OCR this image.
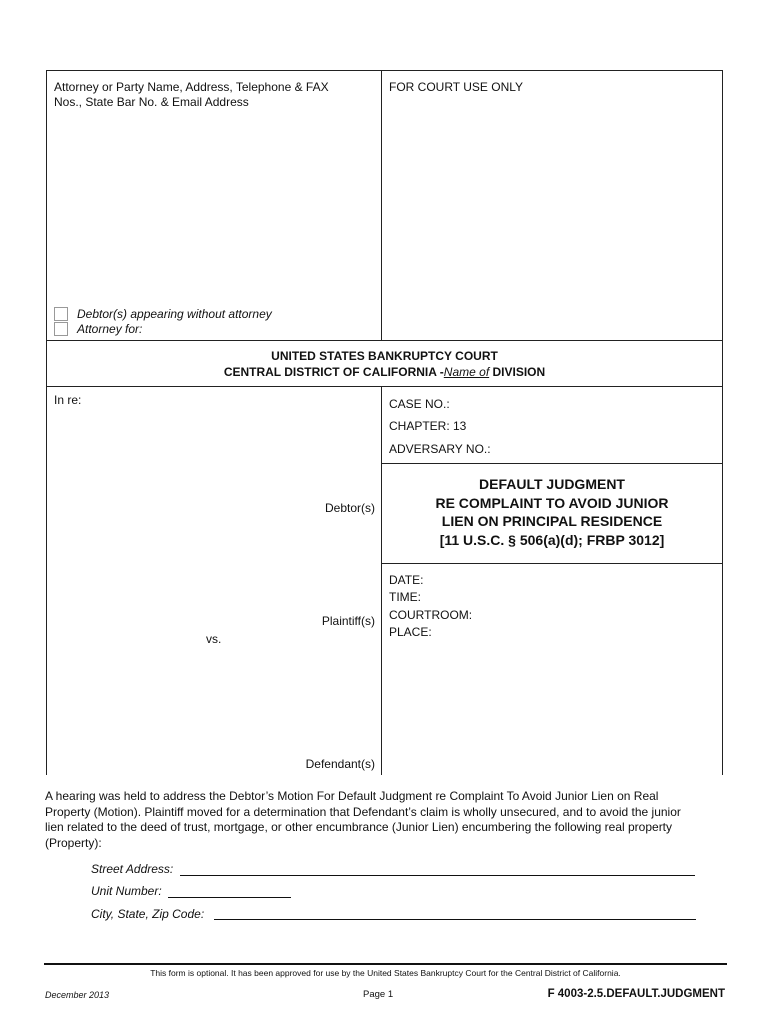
Attorney or Party Name, Address, Telephone & FAX
Nos., State Bar No. & Email Address
Debtor(s) appearing without attorney
Attorney for:
FOR COURT USE ONLY
UNITED STATES BANKRUPTCY COURT
CENTRAL DISTRICT OF CALIFORNIA -Name of DIVISION
In re:
Debtor(s)
Plaintiff(s)
vs.
Defendant(s)
CASE NO.:
CHAPTER: 13
ADVERSARY NO.:
DEFAULT JUDGMENT
RE COMPLAINT TO AVOID JUNIOR
LIEN ON PRINCIPAL RESIDENCE
[11 U.S.C. § 506(a)(d); FRBP 3012]
DATE:
TIME:
COURTROOM:
PLACE:
A hearing was held to address the Debtor’s Motion For Default Judgment re Complaint To Avoid Junior Lien on Real
Property (Motion). Plaintiff moved for a determination that Defendant’s claim is wholly unsecured, and to avoid the junior
lien related to the deed of trust, mortgage, or other encumbrance (Junior Lien) encumbering the following real property
(Property):
Street Address:
Unit Number:
City, State, Zip Code:
This form is optional. It has been approved for use by the United States Bankruptcy Court for the Central District of California.
December 2013	Page 1	F 4003-2.5.DEFAULT.JUDGMENT
